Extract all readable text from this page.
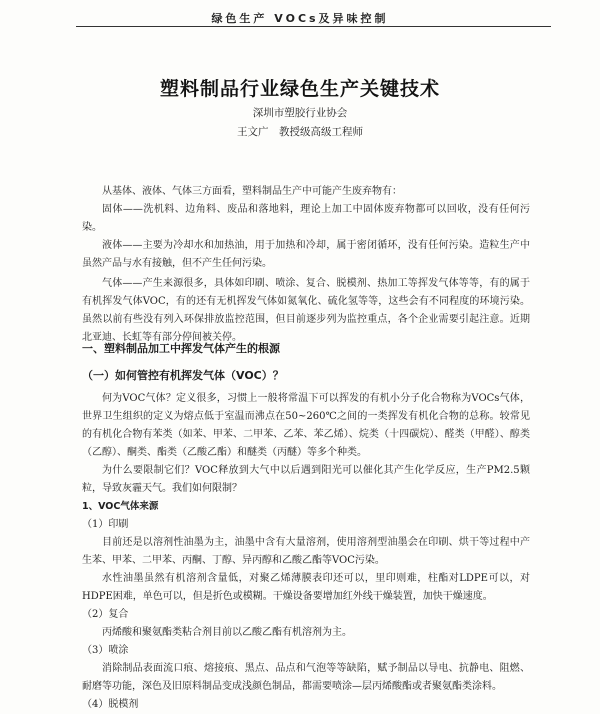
绿色生产 VOCs及异味控制
塑料制品行业绿色生产关键技术
深圳市塑胶行业协会
王文广　教授级高级工程师

从基体、液体、气体三方面看，塑料制品生产中可能产生废弃物有：

固体——洗机料、边角料、废品和落地料，理论上加工中固体废弃物都可以回收，没有任何污染。

液体——主要为冷却水和加热油，用于加热和冷却，属于密闭循环，没有任何污染。造粒生产中虽然产品与水有接触，但不产生任何污染。

气体——产生来源很多，具体如印刷、喷涂、复合、脱模剂、热加工等挥发气体等等，有的属于有机挥发气体VOC，有的还有无机挥发气体如氮氧化、硫化氢等等，这些会有不同程度的环境污染。虽然以前有些没有列入环保排放监控范围，但目前逐步列为监控重点，各个企业需要引起注意。近期北亚迪、长虹等有部分停间被关停。

一、塑料制品加工中挥发气体产生的根源
（一）如何管控有机挥发气体（VOC）？

何为VOC气体？定义很多，习惯上一般将常温下可以挥发的有机小分子化合物称为VOCs气体，世界卫生组织的定义为熔点低于室温而沸点在50~260℃之间的一类挥发有机化合物的总称。较常见的有机化合物有苯类（如苯、甲苯、二甲苯、乙苯、苯乙烯）、烷类（十四碳烷）、醛类（甲醛）、醇类（乙醇）、酮类、酯类（乙酸乙酯）和醚类（丙醚）等多个种类。

为什么要限制它们？VOC释放到大气中以后遇到阳光可以催化其产生化学反应，生产PM2.5颗粒，导致灰霾天气。我们如何限制？

1、VOC气体来源

（1）印刷

目前还是以溶剂性油墨为主，油墨中含有大量溶剂，使用溶剂型油墨会在印刷、烘干等过程中产生苯、甲苯、二甲苯、丙酮、丁醇、异丙醇和乙酸乙酯等VOC污染。

水性油墨虽然有机溶剂含量低，对聚乙烯薄膜表印还可以，里印则难，柱酯对LDPE可以，对HDPE困难，单色可以，但是折色或模糊。干燥设备要增加红外线干燥装置，加快干燥速度。

（2）复合

丙烯酸和聚氨酯类粘合剂目前以乙酸乙酯有机溶剂为主。

（3）喷涂

消除制品表面流口痕、熔接痕、黑点、品点和气泡等等缺陷，赋予制品以导电、抗静电、阻燃、耐磨等功能，深色及旧原料制品变成浅颜色制品，都需要喷涂—层丙烯酸酯或者聚氨酯类涂料。

（4）脱模剂
